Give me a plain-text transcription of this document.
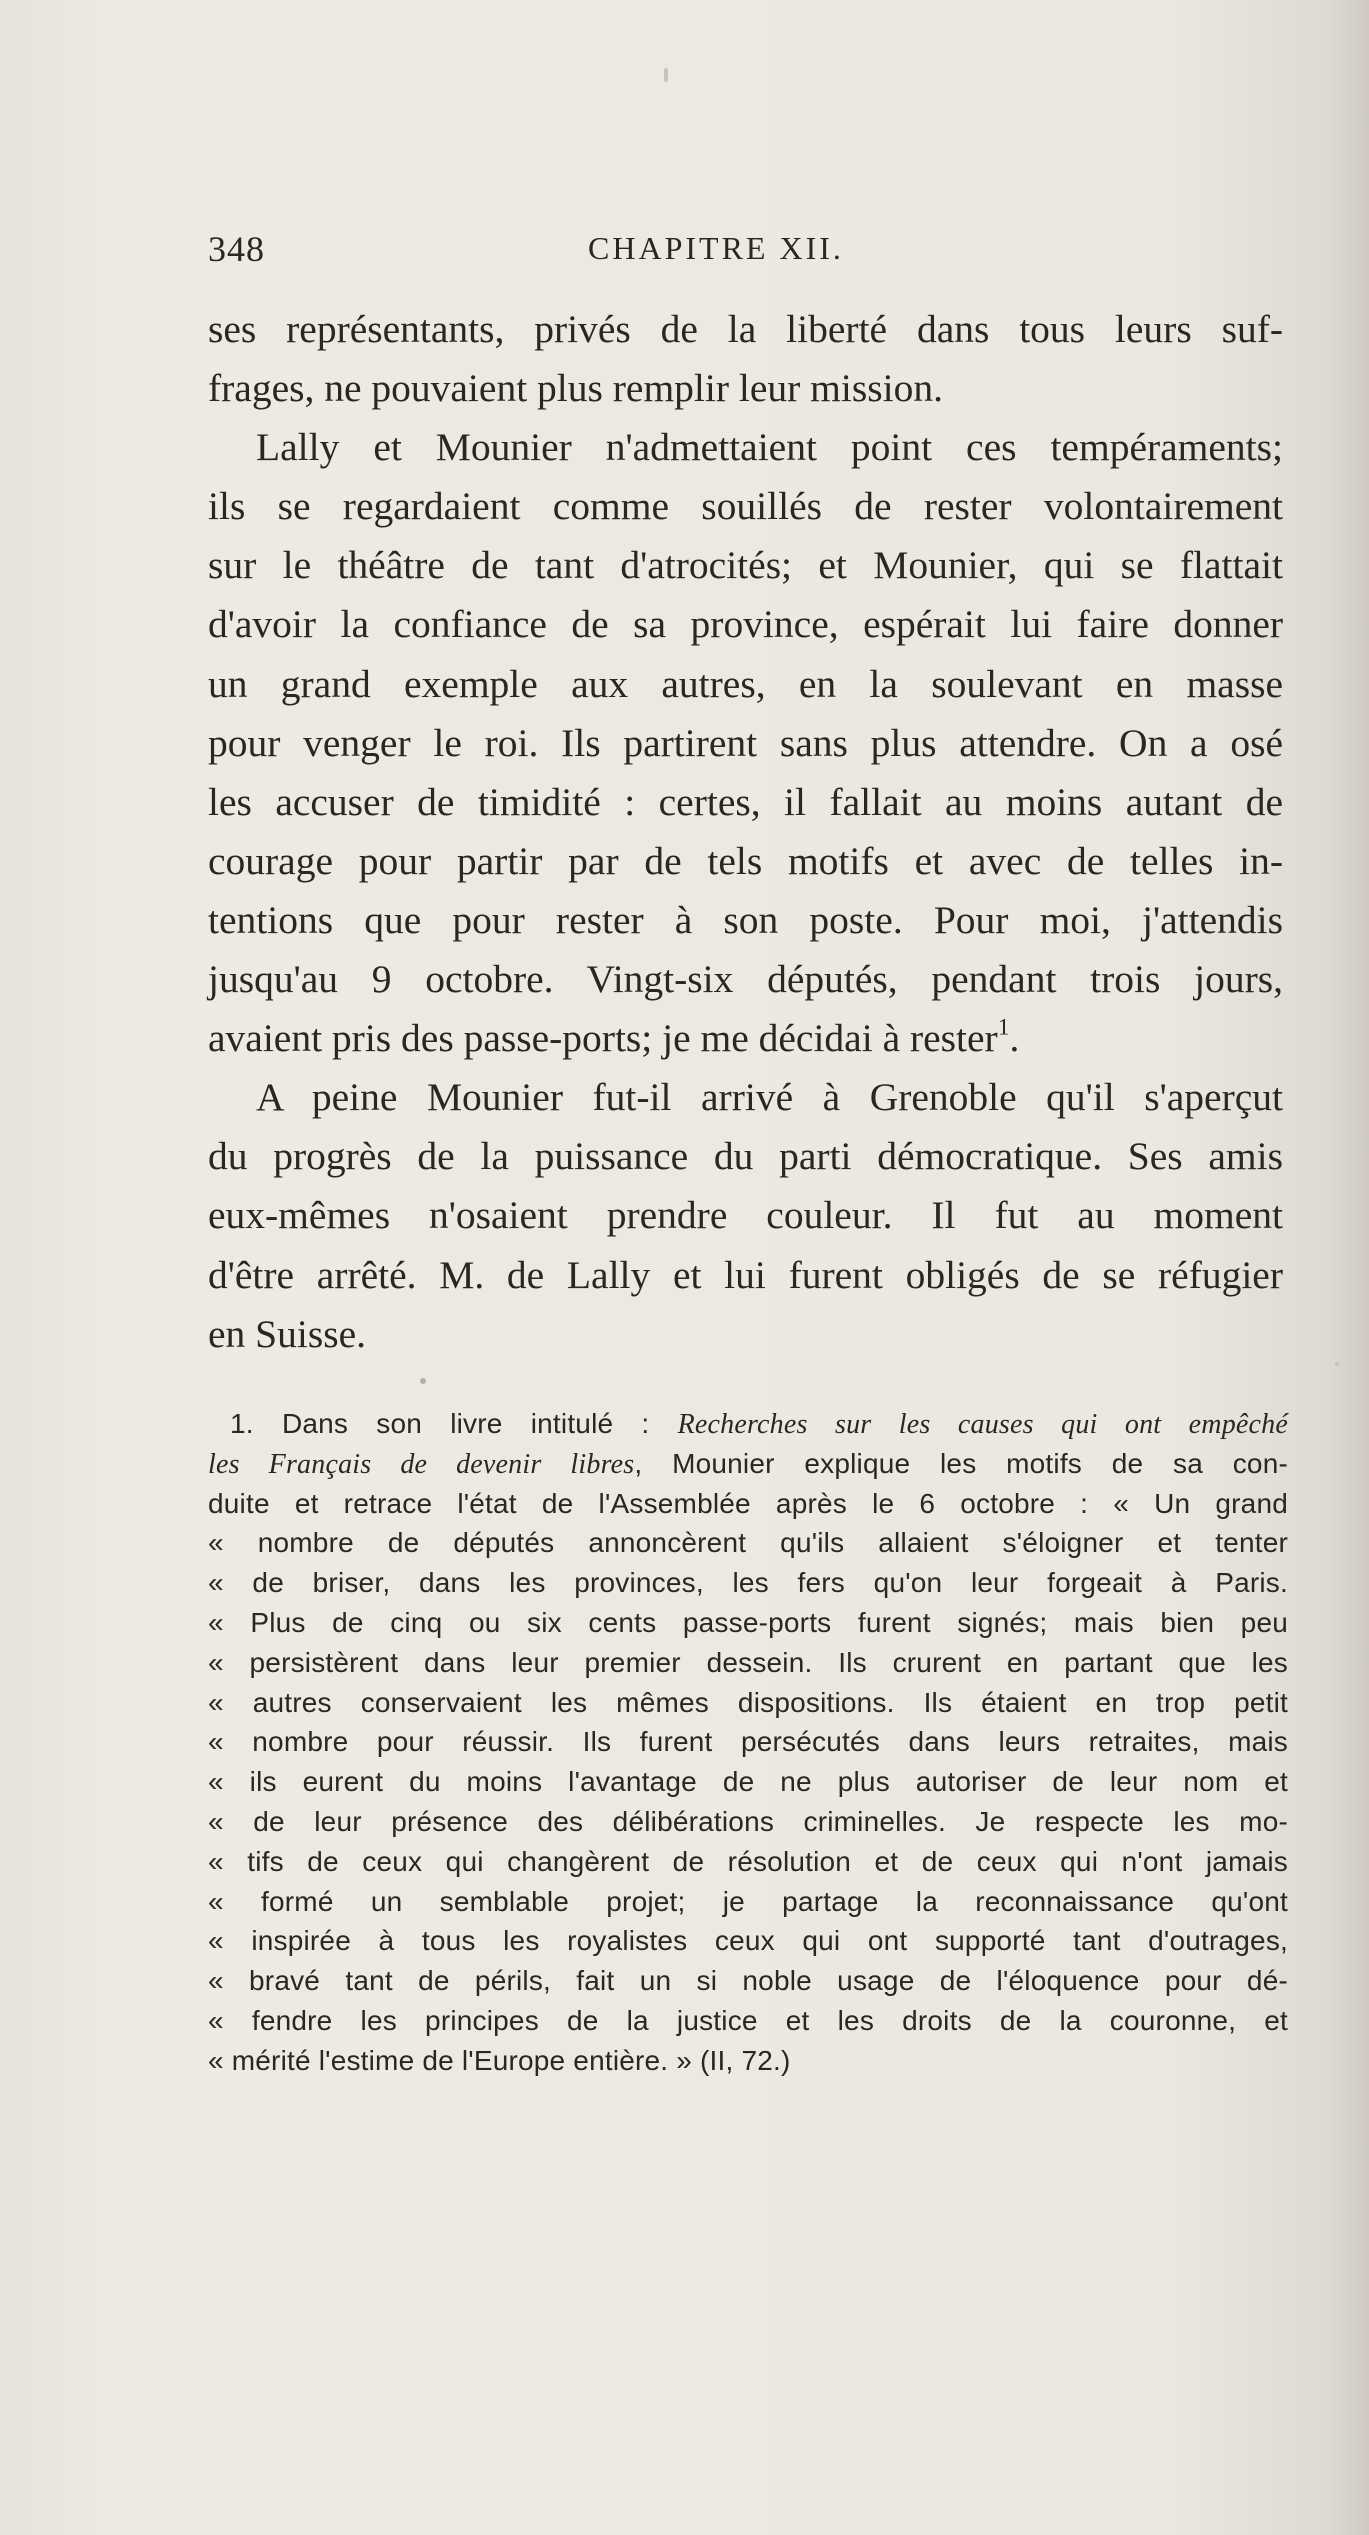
348	CHAPITRE XII.
ses représentants, privés de la liberté dans tous leurs suf-
frages, ne pouvaient plus remplir leur mission.
Lally et Mounier n'admettaient point ces tempéraments;
ils se regardaient comme souillés de rester volontairement
sur le théâtre de tant d'atrocités; et Mounier, qui se flattait
d'avoir la confiance de sa province, espérait lui faire donner
un grand exemple aux autres, en la soulevant en masse
pour venger le roi. Ils partirent sans plus attendre. On a osé
les accuser de timidité : certes, il fallait au moins autant de
courage pour partir par de tels motifs et avec de telles in-
tentions que pour rester à son poste. Pour moi, j'attendis
jusqu'au 9 octobre. Vingt-six députés, pendant trois jours,
avaient pris des passe-ports; je me décidai à rester$^1$.
A peine Mounier fut-il arrivé à Grenoble qu'il s'aperçut
du progrès de la puissance du parti démocratique. Ses amis
eux-mêmes n'osaient prendre couleur. Il fut au moment
d'être arrêté. M. de Lally et lui furent obligés de se réfugier
en Suisse.
1. Dans son livre intitulé : Recherches sur les causes qui ont empêché
les Français de devenir libres, Mounier explique les motifs de sa con-
duite et retrace l'état de l'Assemblée après le 6 octobre : « Un grand
« nombre de députés annoncèrent qu'ils allaient s'éloigner et tenter
« de briser, dans les provinces, les fers qu'on leur forgeait à Paris.
« Plus de cinq ou six cents passe-ports furent signés; mais bien peu
« persistèrent dans leur premier dessein. Ils crurent en partant que les
« autres conservaient les mêmes dispositions. Ils étaient en trop petit
« nombre pour réussir. Ils furent persécutés dans leurs retraites, mais
« ils eurent du moins l'avantage de ne plus autoriser de leur nom et
« de leur présence des délibérations criminelles. Je respecte les mo-
« tifs de ceux qui changèrent de résolution et de ceux qui n'ont jamais
« formé un semblable projet; je partage la reconnaissance qu'ont
« inspirée à tous les royalistes ceux qui ont supporté tant d'outrages,
« bravé tant de périls, fait un si noble usage de l'éloquence pour dé-
« fendre les principes de la justice et les droits de la couronne, et
« mérité l'estime de l'Europe entière. » (II, 72.)
